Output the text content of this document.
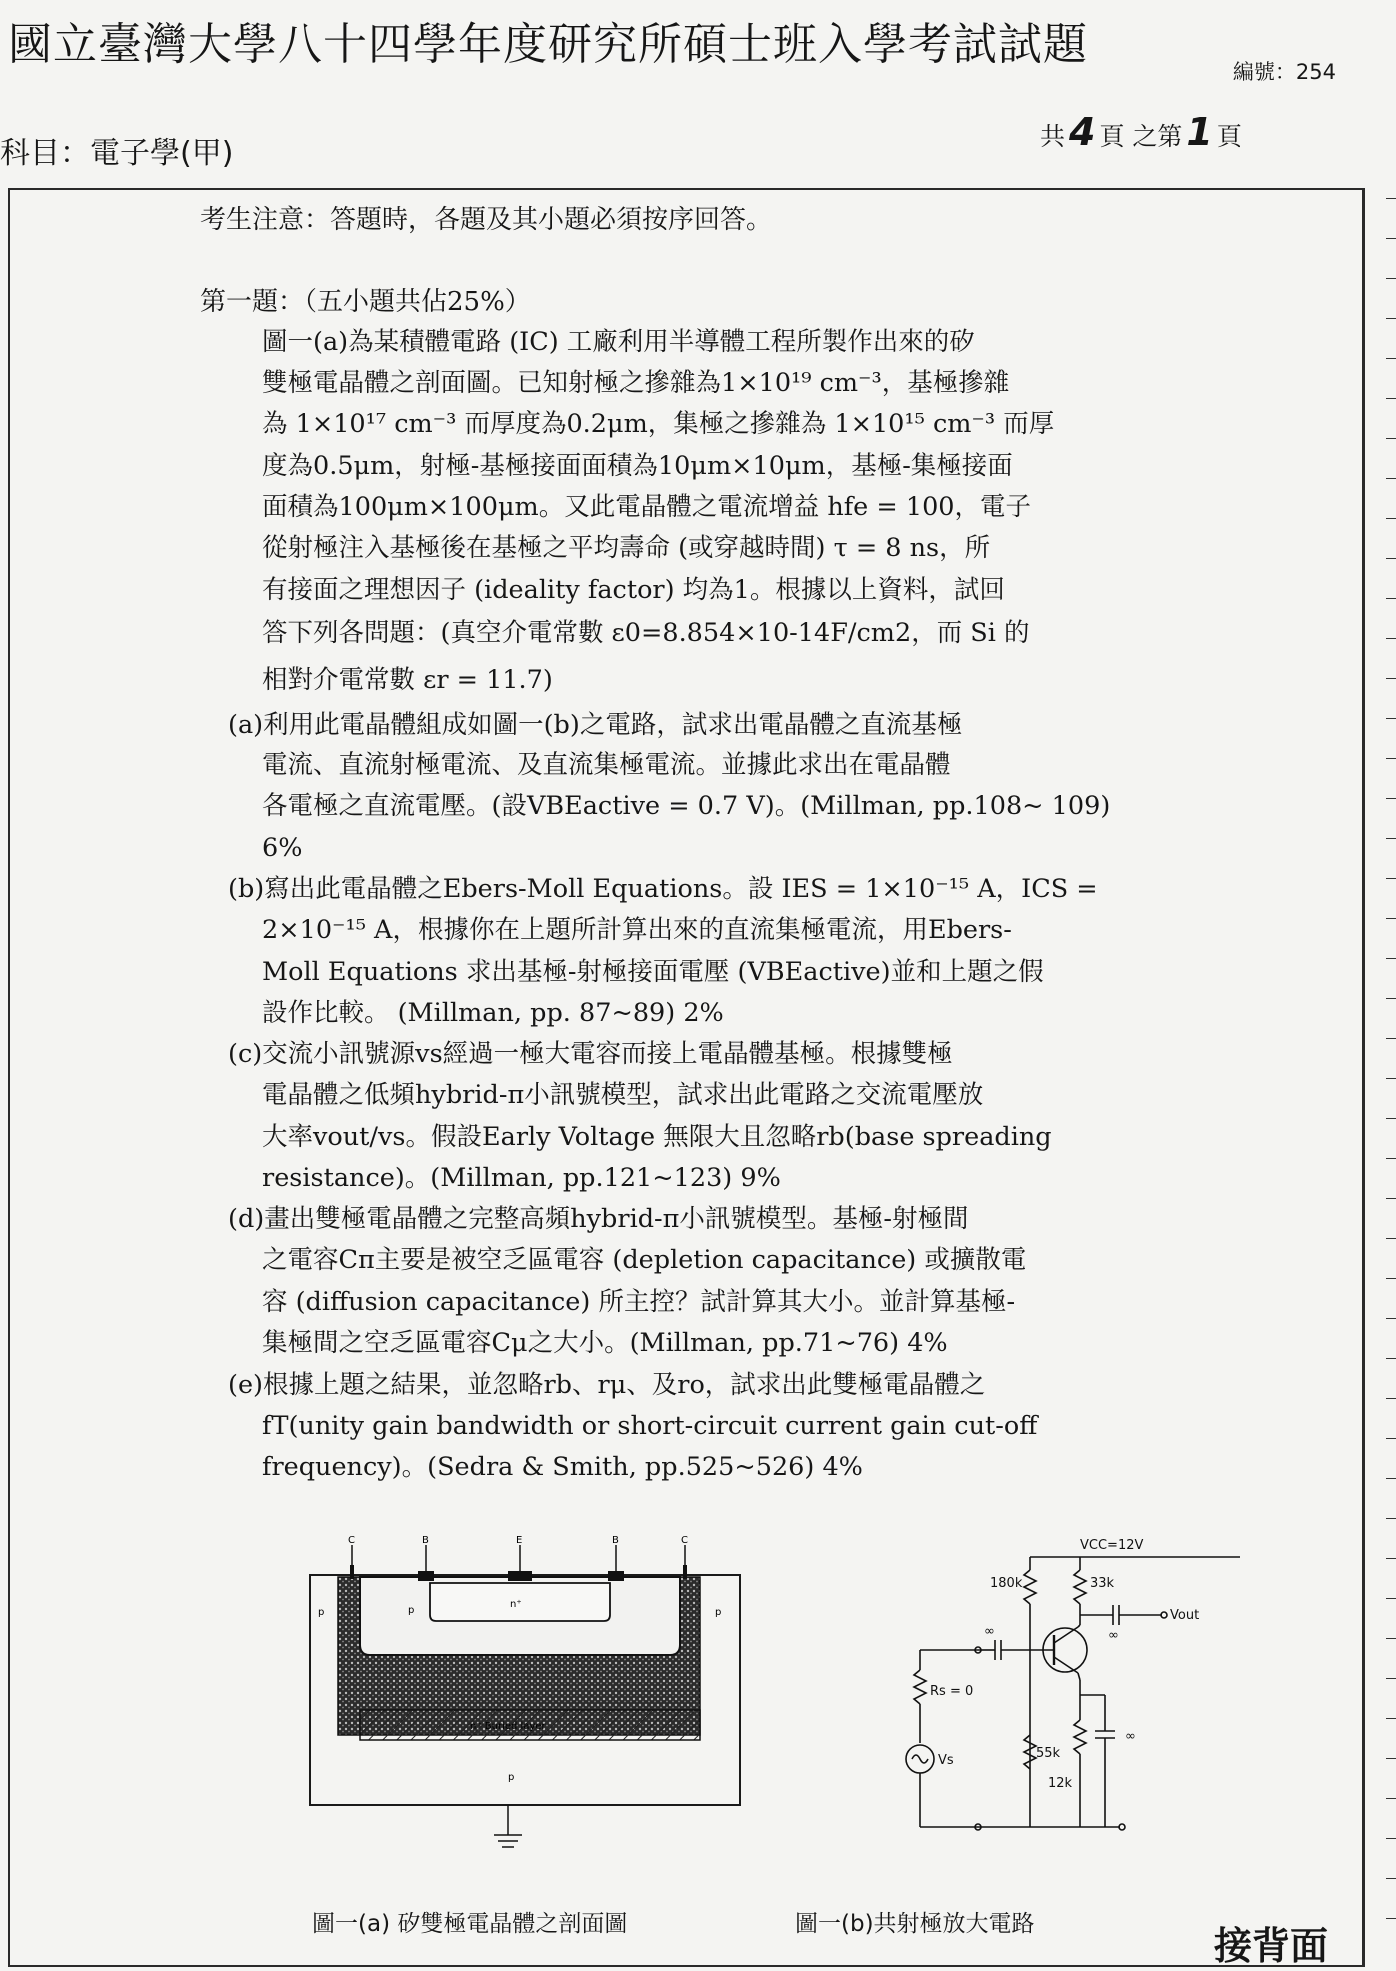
國立臺灣大學八十四學年度研究所碩士班入學考試試題
編號：254
科目：電子學(甲)	共 4 頁 之第 1 頁
考生注意：答題時，各題及其小題必須按序回答。
第一題：（五小題共佔25%）
圖一(a)為某積體電路 (IC) 工廠利用半導體工程所製作出來的矽
雙極電晶體之剖面圖。已知射極之摻雜為1×10¹⁹ cm⁻³，基極摻雜
為 1×10¹⁷ cm⁻³ 而厚度為0.2μm，集極之摻雜為 1×10¹⁵ cm⁻³ 而厚
度為0.5μm，射極-基極接面面積為10μm×10μm，基極-集極接面
面積為100μm×100μm。又此電晶體之電流增益 hfe = 100，電子
從射極注入基極後在基極之平均壽命 (或穿越時間) τ = 8 ns，所
有接面之理想因子 (ideality factor) 均為1。根據以上資料，試回
答下列各問題：(真空介電常數 ε0=8.854×10-14F/cm2，而 Si 的
相對介電常數 εr = 11.7)
(a)利用此電晶體組成如圖一(b)之電路，試求出電晶體之直流基極
電流、直流射極電流、及直流集極電流。並據此求出在電晶體
各電極之直流電壓。(設VBEactive = 0.7 V)。(Millman, pp.108~ 109)
6%
(b)寫出此電晶體之Ebers-Moll Equations。設 IES = 1×10⁻¹⁵ A，ICS =
2×10⁻¹⁵ A，根據你在上題所計算出來的直流集極電流，用Ebers-
Moll Equations 求出基極-射極接面電壓 (VBEactive)並和上題之假
設作比較。 (Millman, pp. 87~89) 2%
(c)交流小訊號源vs經過一極大電容而接上電晶體基極。根據雙極
電晶體之低頻hybrid-π小訊號模型，試求出此電路之交流電壓放
大率vout/vs。假設Early Voltage 無限大且忽略rb(base spreading
resistance)。(Millman, pp.121~123) 9%
(d)畫出雙極電晶體之完整高頻hybrid-π小訊號模型。基極-射極間
之電容Cπ主要是被空乏區電容 (depletion capacitance) 或擴散電
容 (diffusion capacitance) 所主控？試計算其大小。並計算基極-
集極間之空乏區電容Cμ之大小。(Millman, pp.71~76) 4%
(e)根據上題之結果，並忽略rb、rμ、及ro，試求出此雙極電晶體之
fT(unity gain bandwidth or short-circuit current gain cut-off
frequency)。(Sedra & Smith, pp.525~526) 4%
C	B	E	B	C
p	p
p
n⁺
n⁺ Buried layer
p
VCC=12V
180k	33k
Vout
∞
∞
∞
Rs = 0
Vs	55k
12k
圖一(a) 矽雙極電晶體之剖面圖	圖一(b)共射極放大電路	接背面
